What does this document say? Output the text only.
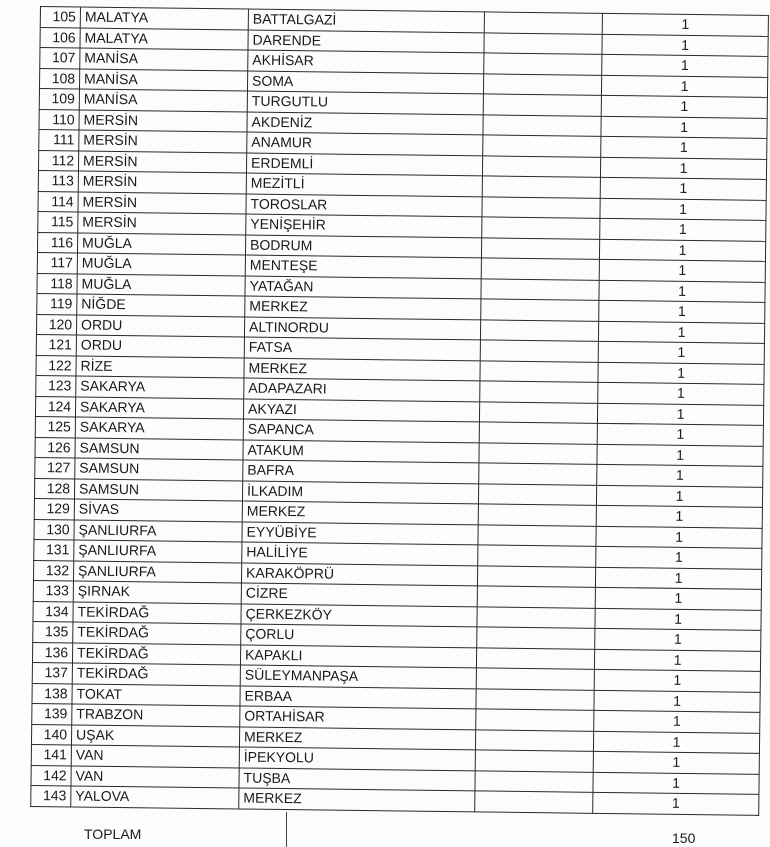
105	MALATYA	BATTALGAZİ		1
106	MALATYA	DARENDE		1
107	MANİSA	AKHİSAR		1
108	MANİSA	SOMA		1
109	MANİSA	TURGUTLU		1
110	MERSİN	AKDENİZ		1
111	MERSİN	ANAMUR		1
112	MERSİN	ERDEMLİ		1
113	MERSİN	MEZİTLİ		1
114	MERSİN	TOROSLAR		1
115	MERSİN	YENİŞEHİR		1
116	MUĞLA	BODRUM		1
117	MUĞLA	MENTEŞE		1
118	MUĞLA	YATAĞAN		1
119	NİĞDE	MERKEZ		1
120	ORDU	ALTINORDU		1
121	ORDU	FATSA		1
122	RİZE	MERKEZ		1
123	SAKARYA	ADAPAZARI		1
124	SAKARYA	AKYAZI		1
125	SAKARYA	SAPANCA		1
126	SAMSUN	ATAKUM		1
127	SAMSUN	BAFRA		1
128	SAMSUN	İLKADIM		1
129	SİVAS	MERKEZ		1
130	ŞANLIURFA	EYYÜBİYE		1
131	ŞANLIURFA	HALİLİYE		1
132	ŞANLIURFA	KARAKÖPRÜ		1
133	ŞIRNAK	CİZRE		1
134	TEKİRDAĞ	ÇERKEZKÖY		1
135	TEKİRDAĞ	ÇORLU		1
136	TEKİRDAĞ	KAPAKLI		1
137	TEKİRDAĞ	SÜLEYMANPAŞA		1
138	TOKAT	ERBAA		1
139	TRABZON	ORTAHİSAR		1
140	UŞAK	MERKEZ		1
141	VAN	İPEKYOLU		1
142	VAN	TUŞBA		1
143	YALOVA	MERKEZ		1
TOPLAM	150
